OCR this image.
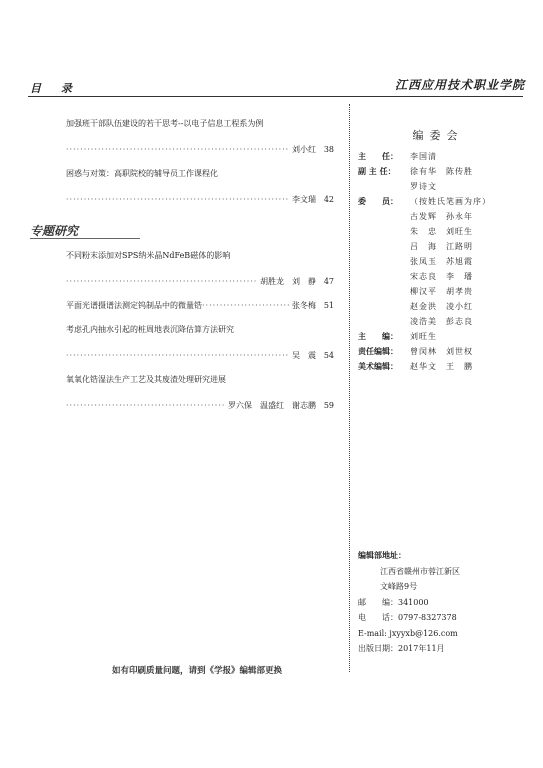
目 录	江西应用技术职业学院
加强班干部队伍建设的若干思考--以电子信息工程系为例
·····
刘小红 38
困惑与对策：高职院校的辅导员工作课程化
·····
李文瑞 42
专题研究
不同粉末添加对SPS纳米晶NdFeB磁体的影响
·····
胡胜龙　刘　静 47
平面光谱摄谱法测定钨制品中的微量锆
·····	张冬梅 51
考虑孔内抽水引起的桩周地表沉降估算方法研究
·····
吴　震 54
氧氧化锆湿法生产工艺及其废渣处理研究进展
·····
罗六保　温盛红　谢志鹏 59
如有印刷质量问题，请到《学报》编辑部更换
编委会
主　　任：	李国清
副 主 任：	徐有华　陈传胜
罗诗文
委　　员：	（按姓氏笔画为序）
古发辉　孙永年
朱　忠　刘旺生
吕　海　江路明
张凤玉　苏旭霞
宋志良　李　璠
柳汉平　胡孝贵
赵金洪　凌小红
凌浩美　彭志良
主　　编：	刘旺生
责任编辑：	曾闵林　刘世权
美术编辑：	赵华文　王　鹏
编辑部地址：
江西省赣州市蓉江新区
文峰路9号
邮　　编：341000
电　　话：0797-8327378
E-mail: jxyyxb@126.com
出版日期：2017年11月
